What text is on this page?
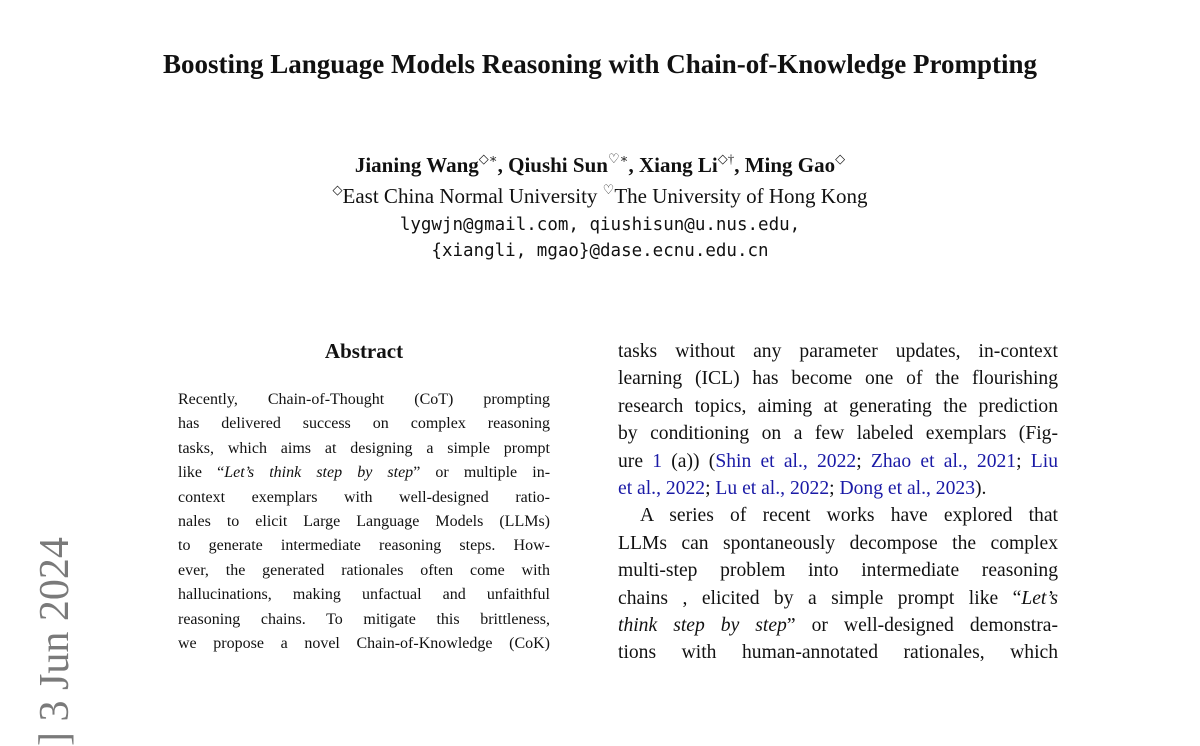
Boosting Language Models Reasoning with Chain-of-Knowledge Prompting
Jianing Wang◇∗, Qiushi Sun♡∗, Xiang Li◇†, Ming Gao◇
◇East China Normal University ♡The University of Hong Kong
lygwjn@gmail.com, qiushisun@u.nus.edu,
{xiangli, mgao}@dase.ecnu.edu.cn
Abstract
Recently, Chain-of-Thought (CoT) prompting
has delivered success on complex reasoning
tasks, which aims at designing a simple prompt
like “Let’s think step by step” or multiple in-
context exemplars with well-designed ratio-
nales to elicit Large Language Models (LLMs)
to generate intermediate reasoning steps. How-
ever, the generated rationales often come with
hallucinations, making unfactual and unfaithful
reasoning chains. To mitigate this brittleness,
we propose a novel Chain-of-Knowledge (CoK)
tasks without any parameter updates, in-context
learning (ICL) has become one of the flourishing
research topics, aiming at generating the prediction
by conditioning on a few labeled exemplars (Fig-
ure 1 (a)) (Shin et al., 2022; Zhao et al., 2021; Liu
et al., 2022; Lu et al., 2022; Dong et al., 2023).
A series of recent works have explored that
LLMs can spontaneously decompose the complex
multi-step problem into intermediate reasoning
chains , elicited by a simple prompt like “Let’s
think step by step” or well-designed demonstra-
tions with human-annotated rationales, which
] 3 Jun 2024
